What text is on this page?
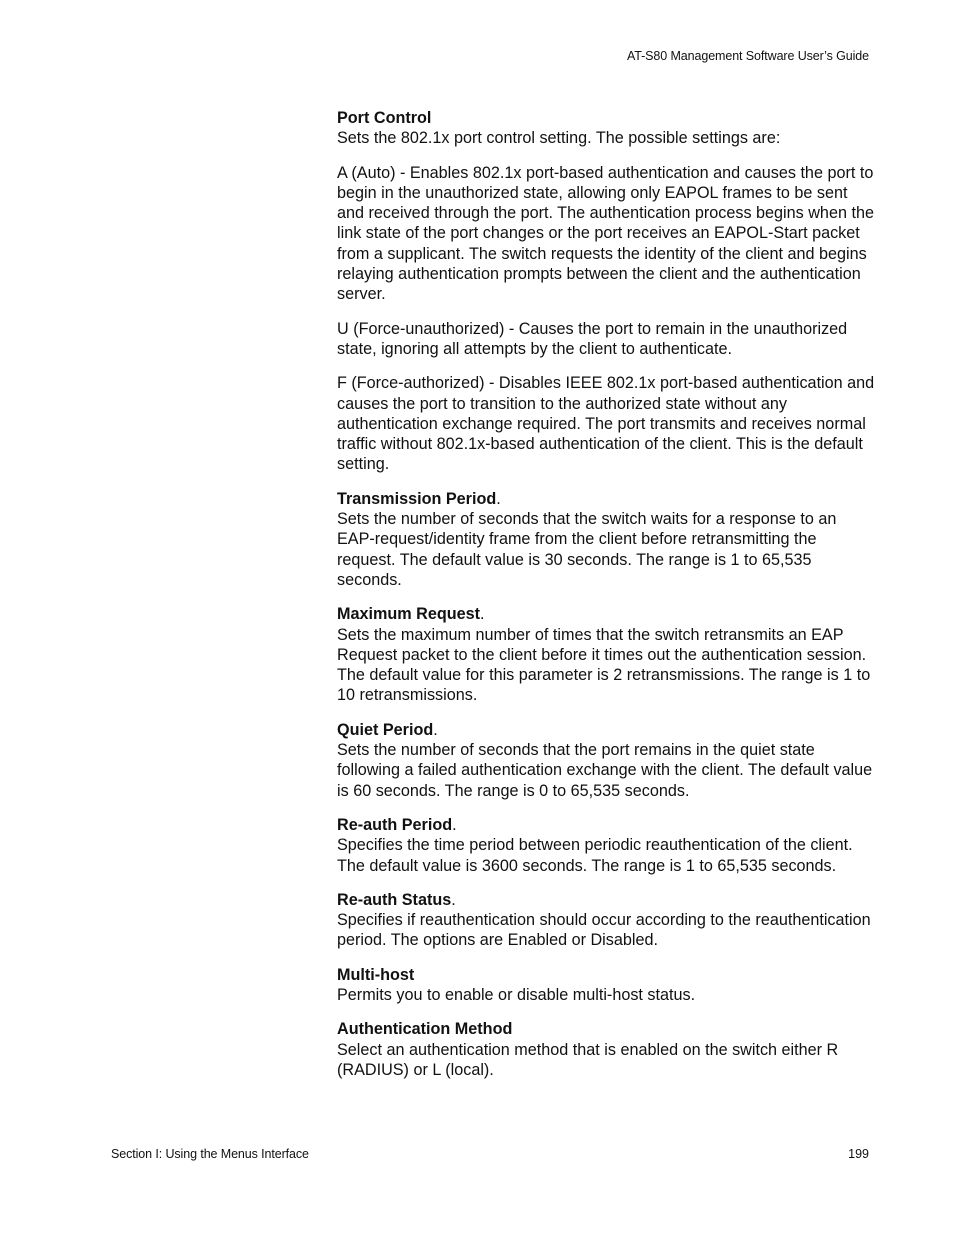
AT-S80 Management Software User’s Guide
Port Control

Sets the 802.1x port control setting. The possible settings are:

A (Auto) - Enables 802.1x port-based authentication and causes the port to begin in the unauthorized state, allowing only EAPOL frames to be sent and received through the port. The authentication process begins when the link state of the port changes or the port receives an EAPOL-Start packet from a supplicant. The switch requests the identity of the client and begins relaying authentication prompts between the client and the authentication server.

U (Force-unauthorized) - Causes the port to remain in the unauthorized state, ignoring all attempts by the client to authenticate.

F (Force-authorized) - Disables IEEE 802.1x port-based authentication and causes the port to transition to the authorized state without any authentication exchange required. The port transmits and receives normal traffic without 802.1x-based authentication of the client. This is the default setting.

Transmission Period.

Sets the number of seconds that the switch waits for a response to an EAP-request/identity frame from the client before retransmitting the request. The default value is 30 seconds. The range is 1 to 65,535 seconds.

Maximum Request.

Sets the maximum number of times that the switch retransmits an EAP Request packet to the client before it times out the authentication session. The default value for this parameter is 2 retransmissions. The range is 1 to 10 retransmissions.

Quiet Period.

Sets the number of seconds that the port remains in the quiet state following a failed authentication exchange with the client. The default value is 60 seconds. The range is 0 to 65,535 seconds.

Re-auth Period.

Specifies the time period between periodic reauthentication of the client. The default value is 3600 seconds. The range is 1 to 65,535 seconds.

Re-auth Status.

Specifies if reauthentication should occur according to the reauthentication period. The options are Enabled or Disabled.

Multi-host

Permits you to enable or disable multi-host status.

Authentication Method

Select an authentication method that is enabled on the switch either R (RADIUS) or L (local).

Section I: Using the Menus Interface	199
